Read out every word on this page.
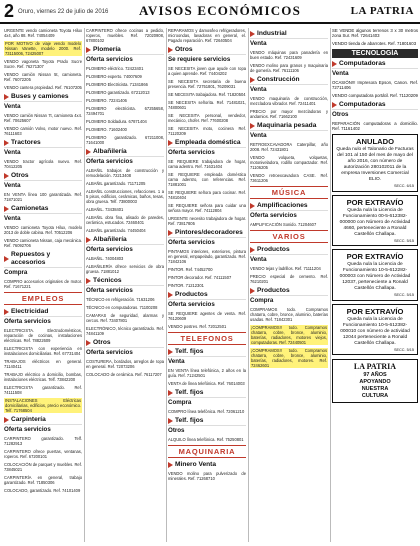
2 Oruro, viernes 22 de julio de 2016	AVISOS ECONÓMICOS	LA PATRIA
URGENTE vendo camioneta Toyota Hilux 4x4, año 88. Ref. 74054409
POR MOTIVO de viaje vendo modelo Nissan Vanette, modelo 2000. Ref. 73115006, 72425007
VENDO vagoneta Toyota Prado Sucre Sucre. Ref. 76271307
VENDO camión Nissan 5t, camioneta. Ref. 76072205
VENDO cantera propiedad. Ref. 76107205
Buses y camiones
Venta
VENDO camión Nissan 7t, camioneta 4x4. Ref. 70625607
VENDO camión Volvo, motor nuevo. Ref. 76111603
Tractores
Venta
VENDO tractor agrícola nuevo. Ref. 70412205
Otros
Venta
EN VENTA línea 100 garantizada. Ref. 71871021
Camionetas
Venta
VENDO camioneta Toyota Hilux, modelo 2013 de doble cabina. Ref. 70512206
VENDO camioneta Nissan, caja mecánica. Ref. 76092706
Repuestos y accesorios
Compra
COMPRO accesorios originales de motor. Ref. 71671221
EMPLEOS
Electricidad
Oferta servicios
ELECTRICISTA. Electrodomésticos, reparación de cocinas, instalaciones eléctricas. Ref. 78822609
ELECTRICISTA con experiencia en instalaciones domiciliarias. Ref. 67731404
TRABAJOS eléctricos en general. 71140411
TRABAJO eléctrico a domicilio, bombas, instalaciones eléctricas. Telf. 73842200
ELECTRICISTA garantizado. Ref. 74111508
INSTALACIONES Eléctricas domiciliarias, edificios, precio económico. Telf. 71768504
Carpintería
Oferta servicios
CARPINTERO garantizado. Telf. 71282913
CARPINTERO ofrece puertas, ventanas, roperos. Ref. 67200101
COLOCACIÓN de parquet y muebles. Ref. 73845021
CARPINTERÍA en general, trabajo garantizado. Ref. 71850306
COLOCADO, garantizado. Ref. 74101409
CARPINTERO ofrece cocinas a pedido, roperos, muebles. Ref. 72020908, 67800102
Plomería
Oferta servicios
PLOMERO eléctrico. 72423401
PLOMERO experto. 74007609
PLOMERO Electricista. 71341866
PLOMERO garantizado. 67212013
PLOMERO. 72241406
PLOMERO electricista. 67255658, 72494701
PLOMERO Soldadura. 67871404
PLOMERO. 71602400
PLOMERO garantizado. 67211008, 71641000
Albañilería
Oferta servicios
ALBAÑIL trabajos de construcción y remodelación. 72213408
ALBAÑIL garantizado. 71171205
ALBAÑIL construcciones, refacciones. 1 a 5 pisos, edificios, cerámicas, baños, tesas, obra gruesa. Telf. 73800003
ALBAÑIL. 73438401
ALBAÑIL obra fina, alisado de paredes, cerámica, estucados. 72460401
ALBAÑIL garantizado. 74450404
Albañilería
Oferta servicios
ALBAÑIL. 74004803
ALBAÑILERÍA ofrece servicios de obra gruesa. 71881012
Técnicos
Oferta servicios
TÉCNICO en refrigeración. 71631206
TÉCNICO en computadoras. 71100208
CAMARAS de seguridad, alarmas y cercos. Ref. 73407801
ELECTRÓNICO, técnico garantizado. Ref. 74841109
Otros
Oferta servicios
COSTURERA, bordados, arreglos de ropa en general. Ref. 72073206
COLOCADO de cerámica. Ref. 76117207
REPARAMOS y damos/leo refrigeradores, microondas, lavadoras en general, el. Pagado reparación. Ref. 72640504
Otros
Se requiere servicios
SE NECESITA joven que ayude con ropa a quien aprende. Ref. 74404202
SE NECESITA secretaria de buena presencia. Ref. 72751801, 76209031
SE NECESITA trabajadora. Ref. 71820504
SE NECESITA señorita. Ref. 71481021, 74800601
SE NECESITA personal, vendedor, mecánico, chofer. Ref. 77600208
SE NECESITA moto, cocinera Ref. 71120209
Empleada doméstica
Oferta servicios
SE REQUIERE trabajadora de hogar, cama adentro. Ref. 71631404
SE REQUIERE empleada doméstica cama adentro, con referencias. Ref. 71881001
SE REQUIERE señora para cocinar. Ref. 74810404
SE REQUIERE señora para cuidar una señora mayor. Ref. 74112804
URGENTE necesito trabajadora de hogar. Ref. 73817805
Pintores/decoradores
Oferta servicios
PINTAMOS interiores, exteriores, pintura en general, empapelado, garantizado. Ref. 71842106
PINTOR. Ref. 74452700
PINTOR decorador. Ref. 74111507
PINTOR. 71212301
Productos
Oferta servicios
SE REQUIERE agentes de venta. Ref. 76120609
VENDO postres. Ref. 72012501
TELEFONOS
Telf. fijos
Venta
EN VENTA línea telefónica, 2 años en la guía. Ref. 71242501
VENTA de línea telefónica. Ref. 76014003
Telf. fijos
Compra
COMPRO línea telefónica. Ref. 72061210
Telf. fijos
Otros
ALQUILO línea telefónica. Ref. 75250801
MAQUINARIA
Minero Venta
VENDO molino para pulverizado de minerales. Ref. 71268710
Industrial
Venta
VENDO máquinas para panadería en buen estado. Ref. 72431609
VENDO molino para granos y maquinaria de gomería. Ref. 76111106
Construcción
Venta
VENDO maquinaria de construcción, mezcladora vibrador. Ref. 72411401
PRECIO por mayor mezcladoras y andamios. Ref. 71662100
Maquinaria pesada
Venta
RETROEXCAVADORA Caterpillar, año 2008. Ref. 72431801
VENDO volqueta, volquetas, motoniveladora, rodillo compactador. Ref. 71106205
VENDO retroexcavadora CASE. Ref. 73611206
MÚSICA
Amplificaciones
Oferta servicios
AMPLIFICACIÓN Sonido. 71204607
VARIOS
Productos
Venta
VENDO tejas y ladrillos. Ref. 71111204
PRECIO especial de cemento. Ref. 76210201
Productos
Compra
COMPRAMOS todo. Compramos chatarra, cobre, bronce, aluminio, baterías usadas. Ref. 71842301
¡COMPRAMOS!! todo. Compramos chatarra, cobre, bronce, aluminio, baterías, radiadores, motores viejos, computadoras. Ref. 72440501
¡COMPRAMOS!! todo. Compramos chatarra, cobre, bronce, aluminio, baterías, radiadores, motores. Ref. 72462601
SE VENDE algunos terrenos 3 x 30 metros zona Sur. Ref. 72641403
VENDO tienda de abarrotes. Ref. 71801603
TECNOLOGÍA
Computadoras
Venta
OCASIÓN!!! Impresora Epson, Canon. Ref. 72711406
VENDO computadora portátil. Ref. 71120209
Computadoras
Otros
REPARACIÓN computadoras a domicilio. Ref. 71161402
ANULADO

Queda nulo el Talonario de Facturas del 101 al 150 del mes de mayo del año 2016, con número de autorización 280102011 de la empresa Inversiones Comercial ELIO.

SECC. 6/15
POR EXTRAVÍO

Queda nula la Licencia de Funcionamiento 00-5-612382-000000 con Número de Actividad 4660, perteneciente a Ronald Castellón Challapa.

SECC. 5/15
POR EXTRAVÍO

Queda nula la Licencia de Funcionamiento 10-5-612282-000003 con Número de Actividad 12037, perteneciente a Ronald Castellón Challapa.

SECC. 5/15
POR EXTRAVÍO

Queda nula la Licencia de Funcionamiento 10-5-612382-000010 con número de actividad 12044 perteneciente a Ronald Castellón Challapa.

SECC. 5/15
LA PATRIA
97 AÑOS
APOYANDO
NUESTRA
CULTURA
